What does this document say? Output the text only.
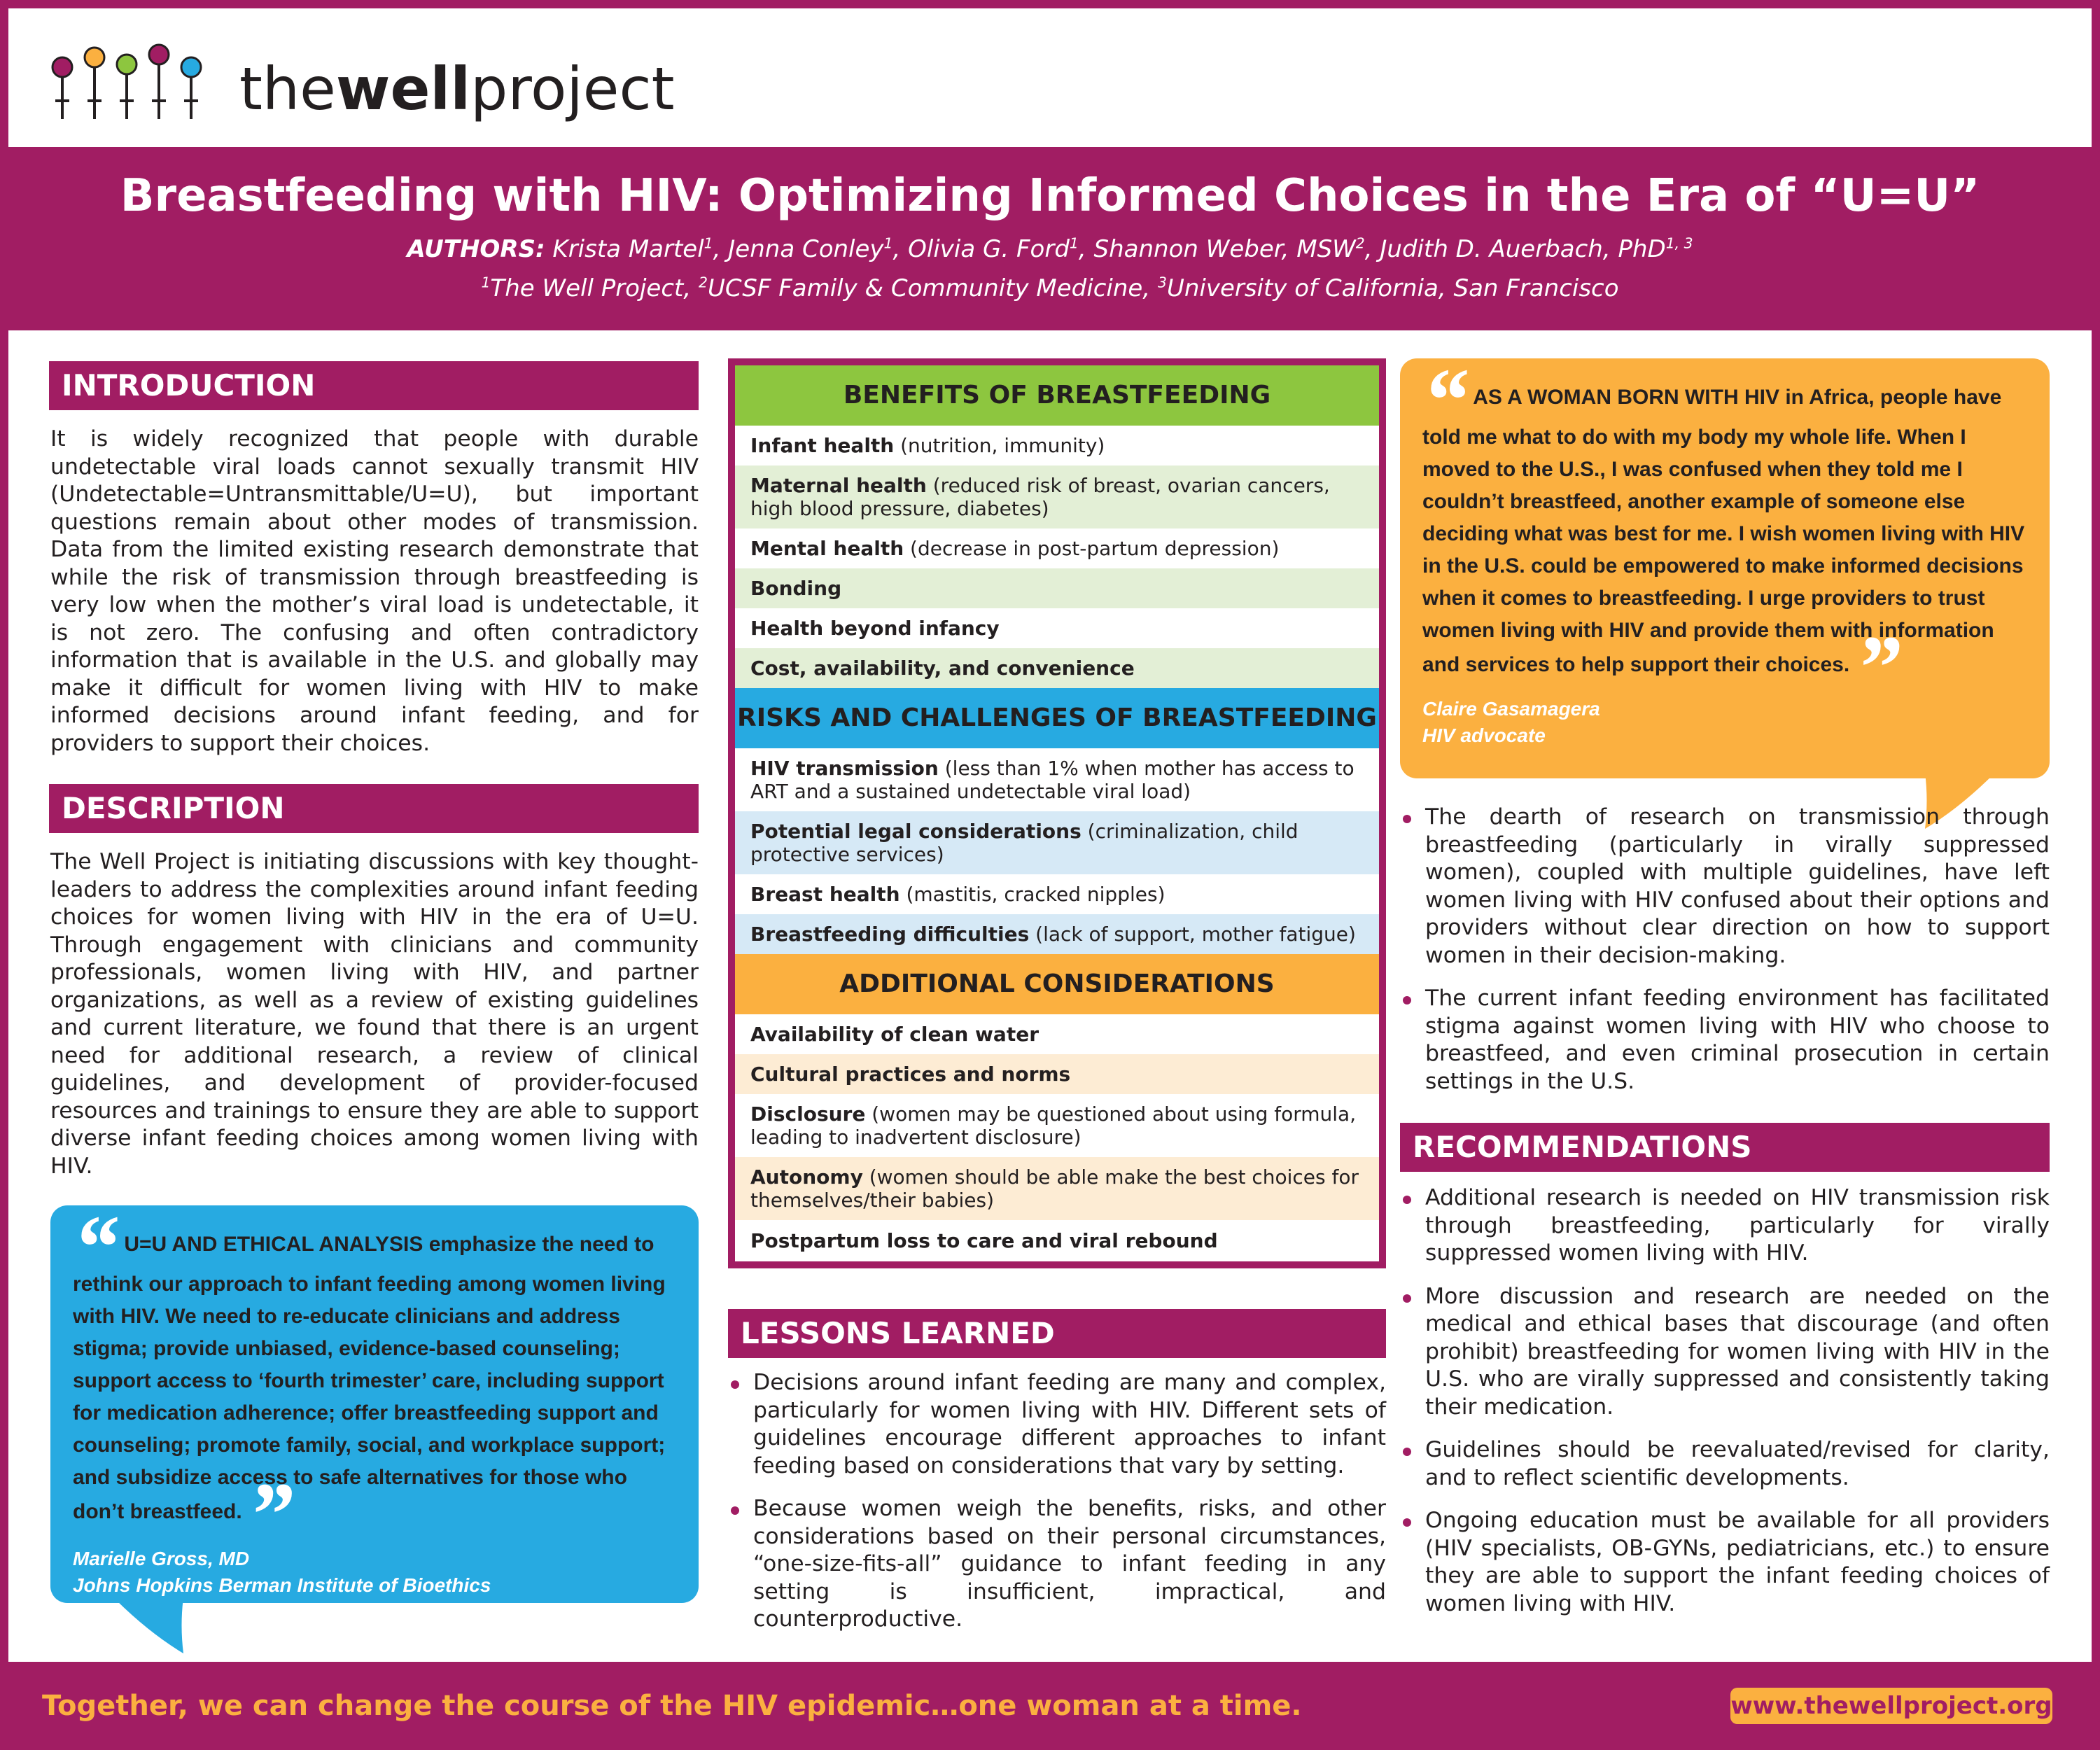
thewellproject
Breastfeeding with HIV: Optimizing Informed Choices in the Era of “U=U”
AUTHORS: Krista Martel$^1$, Jenna Conley$^1$, Olivia G. Ford$^1$, Shannon Weber, MSW$^2$, Judith D. Auerbach, PhD$^{1, 3}$
$^1$The Well Project, $^2$UCSF Family & Community Medicine, $^3$University of California, San Francisco
INTRODUCTION
It is widely recognized that people with durable undetectable viral loads cannot sexually transmit HIV (Undetectable=Untransmittable/U=U), but important questions remain about other modes of transmission. Data from the limited existing research demonstrate that while the risk of transmission through breastfeeding is very low when the mother’s viral load is undetectable, it is not zero. The confusing and often contradictory information that is available in the U.S. and globally may make it difficult for women living with HIV to make informed decisions around infant feeding, and for providers to support their choices.
DESCRIPTION
The Well Project is initiating discussions with key thought-leaders to address the complexities around infant feeding choices for women living with HIV in the era of U=U. Through engagement with clinicians and community professionals, women living with HIV, and partner organizations, as well as a review of existing guidelines and current literature, we found that there is an urgent need for additional research, a review of clinical guidelines, and development of provider-focused resources and trainings to ensure they are able to support diverse infant feeding choices among women living with HIV.
“ U=U AND ETHICAL ANALYSIS emphasize the need to rethink our approach to infant feeding among women living with HIV. We need to re-educate clinicians and address stigma; provide unbiased, evidence-based counseling; support access to ‘fourth trimester’ care, including support for medication adherence; offer breastfeeding support and counseling; promote family, social, and workplace support; and subsidize access to safe alternatives for those who don’t breastfeed. ”
Marielle Gross, MD
Johns Hopkins Berman Institute of Bioethics
BENEFITS OF BREASTFEEDING
Infant health (nutrition, immunity)
Maternal health (reduced risk of breast, ovarian cancers, high blood pressure, diabetes)
Mental health (decrease in post-partum depression)
Bonding
Health beyond infancy
Cost, availability, and convenience
RISKS AND CHALLENGES OF BREASTFEEDING
HIV transmission (less than 1% when mother has access to ART and a sustained undetectable viral load)
Potential legal considerations (criminalization, child protective services)
Breast health (mastitis, cracked nipples)
Breastfeeding difficulties (lack of support, mother fatigue)
ADDITIONAL CONSIDERATIONS
Availability of clean water
Cultural practices and norms
Disclosure (women may be questioned about using formula, leading to inadvertent disclosure)
Autonomy (women should be able make the best choices for themselves/their babies)
Postpartum loss to care and viral rebound
LESSONS LEARNED
Decisions around infant feeding are many and complex, particularly for women living with HIV. Different sets of guidelines encourage different approaches to infant feeding based on considerations that vary by setting.
Because women weigh the benefits, risks, and other considerations based on their personal circumstances, “one-size-fits-all” guidance to infant feeding in any setting is insufficient, impractical, and counterproductive.
“ AS A WOMAN BORN WITH HIV in Africa, people have told me what to do with my body my whole life. When I moved to the U.S., I was confused when they told me I couldn’t breastfeed, another example of someone else deciding what was best for me. I wish women living with HIV in the U.S. could be empowered to make informed decisions when it comes to breastfeeding. I urge providers to trust women living with HIV and provide them with information and services to help support their choices. ”
Claire Gasamagera
HIV advocate
The dearth of research on transmission through breastfeeding (particularly in virally suppressed women), coupled with multiple guidelines, have left women living with HIV confused about their options and providers without clear direction on how to support women in their decision-making.
The current infant feeding environment has facilitated stigma against women living with HIV who choose to breastfeed, and even criminal prosecution in certain settings in the U.S.
RECOMMENDATIONS
Additional research is needed on HIV transmission risk through breastfeeding, particularly for virally suppressed women living with HIV.
More discussion and research are needed on the medical and ethical bases that discourage (and often prohibit) breastfeeding for women living with HIV in the U.S. who are virally suppressed and consistently taking their medication.
Guidelines should be reevaluated/revised for clarity, and to reflect scientific developments.
Ongoing education must be available for all providers (HIV specialists, OB-GYNs, pediatricians, etc.) to ensure they are able to support the infant feeding choices of women living with HIV.
Together, we can change the course of the HIV epidemic…one woman at a time.	www.thewellproject.org
